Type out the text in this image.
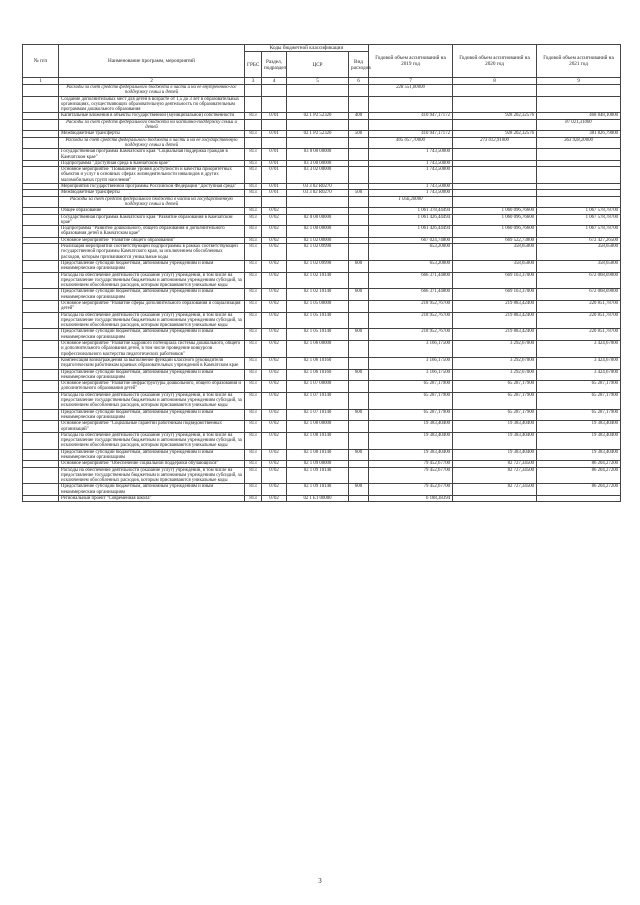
№ п/п	Наименование программ, мероприятий	Коды бюджетной классификации				Годовой объем ассигнований на 2019 год	Годовой объем ассигнований на 2020 год	Годовой объем ассигнований на 2021 год
		ГРБС	Раздел, подраздел	ЦСР	Вид расходов			
1	2	3	4	5	6	7	8	9
	Расходы за счет средств федерального бюджета в части и на ее внутреннюю-гос поддержку семьи и детей					228 551,00000		
	Создание дополнительных мест для детей в возрасте от 1,5 до 3 лет в образовательных организациях, осуществляющих образовательную деятельность по образовательным программам дошкольного образования							
	Капитальные вложения в объекты государственной (муниципальной) собственности	813	0701	02 1 P2 52320	400	410 947,17172	928 202,32576	468 848,10000
	Расходы за счет средств федерального бюджета на частично-поддержку семьи и детей							87 021,31000
	Межбюджетные трансферты	813	0701	02 1 P2 52320	500	410 947,17172	928 202,32576	381 826,79000
	Расходы за счет средств федерального бюджета в части и на ее государственную поддержку семьи и детей					405 057,70000	273 012,91000	363 928,20000
	Государственная программа Камчатского края "Социальная поддержка граждан в Камчатском крае"	813	0701	03 0 00 00000		1 743,50000		
	Подпрограмма "Доступная среда в Камчатском крае"	813	0701	03 3 00 00000		1 743,50000		
	Основное мероприятие "Повышение уровня доступности и качества приоритетных объектов и услуг в основных сферах жизнедеятельности инвалидов и других маломобильных групп населения"	813	0701	03 3 02 00000		1 743,50000		
	Мероприятия государственной программы Российской Федерации "Доступная среда"	813	0701	03 3 02 R0270		1 743,50000		
	Межбюджетные трансферты	813	0701	03 3 02 R0270	500	1 743,50000		
	Расходы за счет средств федерального бюджета в части на государственную поддержку семьи и детей					1 056,20000		
	Общее образование	813	0702			1 061 378,44494	1 060 096,76600	1 067 578,78700
	Государственная программа Камчатского края "Развитие образования в Камчатском крае"	813	0702	02 0 00 00000		1 061 426,44494	1 060 096,76600	1 067 578,78700
	Подпрограмма "Развитие дошкольного, общего образования и дополнительного образования детей в Камчатском крае"	813	0702	02 1 00 00000		1 061 426,44494	1 060 096,76600	1 067 578,78700
	Основное мероприятие "Развитие общего образования"	813	0702	02 1 02 00000		667 024,74800	669 522,73800	672 427,26500
	Реализация мероприятий соответствующей подпрограммы в рамках соответствующей государственной программы Камчатского края, за исключением обособленных расходов, которым присваиваются уникальные коды	813	0702	02 1 02 09990		653,20000	358,65000	358,65000
	Предоставление субсидий бюджетным, автономным учреждениям и иным некоммерческим организациям	813	0702	02 1 02 09990	600	653,20000	358,65000	358,65000
	Расходы на обеспечение деятельности (оказание услуг) учреждений, в том числе на предоставление государственным бюджетным и автономным учреждениям субсидий, за исключением обособленных расходов, которым присваиваются уникальные коды	813	0702	02 1 02 10140		666 371,44800	669 163,37000	672 068,69000
	Предоставление субсидий бюджетным, автономным учреждениям и иным некоммерческим организациям	813	0702	02 1 02 10140	600	666 371,44800	669 163,37000	672 068,69000
	Основное мероприятие "Развитие сферы дополнительного образования и социализация детей"	813	0702	02 1 05 00000		218 952,76700	219 883,42400	220 851,78700
	Расходы на обеспечение деятельности (оказание услуг) учреждений, в том числе на предоставление государственным бюджетным и автономным учреждениям субсидий, за исключением обособленных расходов, которым присваиваются уникальные коды	813	0702	02 1 05 10140		218 952,76700	219 883,42400	220 851,78700
	Предоставление субсидий бюджетным, автономным учреждениям и иным некоммерческим организациям	813	0702	02 1 05 10140	600	218 952,76700	219 883,42400	220 851,78700
	Основное мероприятие "Развитие кадрового потенциала системы дошкольного, общего и дополнительного образования детей, в том числе проведение конкурсов профессионального мастерства педагогических работников"	813	0702	02 1 06 00000		3 166,17500	3 292,67000	3 424,67000
	Компенсация вознаграждения за выполнение функций классного руководителя педагогическим работникам краевых образовательных учреждений в Камчатском крае	813	0702	02 1 06 10160		3 166,17500	3 292,67000	3 424,67000
	Предоставление субсидий бюджетным, автономным учреждениям и иным некоммерческим организациям	813	0702	02 1 06 10160	600	3 166,17500	3 292,67000	3 424,67000
	Основное мероприятие "Развитие инфраструктуры дошкольного, общего образования и дополнительного образования детей"	813	0702	02 1 07 00000		65 287,17900	65 287,17900	65 287,17900
	Расходы на обеспечение деятельности (оказание услуг) учреждений, в том числе на предоставление государственным бюджетным и автономным учреждениям субсидий, за исключением обособленных расходов, которым присваиваются уникальные коды	813	0702	02 1 07 10140		65 287,17900	65 287,17900	65 287,17900
	Предоставление субсидий бюджетным, автономным учреждениям и иным некоммерческим организациям	813	0702	02 1 07 10140	600	65 287,17900	65 287,17900	65 287,17900
	Основное мероприятие "Социальные гарантии работникам подведомственных организаций"	813	0702	02 1 08 00000		19 383,40400	19 383,40400	19 383,40400
	Расходы на обеспечение деятельности (оказание услуг) учреждений, в том числе на предоставление государственным бюджетным и автономным учреждениям субсидий, за исключением обособленных расходов, которым присваиваются уникальные коды	813	0702	02 1 08 10140		19 383,40400	19 383,40400	19 383,40400
	Предоставление субсидий бюджетным, автономным учреждениям и иным некоммерческим организациям	813	0702	02 1 08 10140	600	19 383,40400	19 383,40400	19 383,40400
	Основное мероприятие "Обеспечение социальной поддержки обучающихся"	813	0702	02 1 09 00000		79 452,67700	82 727,34500	86 204,27200
	Расходы на обеспечение деятельности (оказание услуг) учреждений, в том числе на предоставление государственным бюджетным и автономным учреждениям субсидий, за исключением обособленных расходов, которым присваиваются уникальные коды	813	0702	02 1 09 10140		79 452,67700	82 727,34500	86 204,27200
	Предоставление субсидий бюджетным, автономным учреждениям и иным некоммерческим организациям	813	0702	02 1 09 10140	600	79 452,67700	82 727,34500	86 204,27200
	Региональный проект "Современная школа"	813	0702	02 1 E1 00000		6 188,38394		
3
